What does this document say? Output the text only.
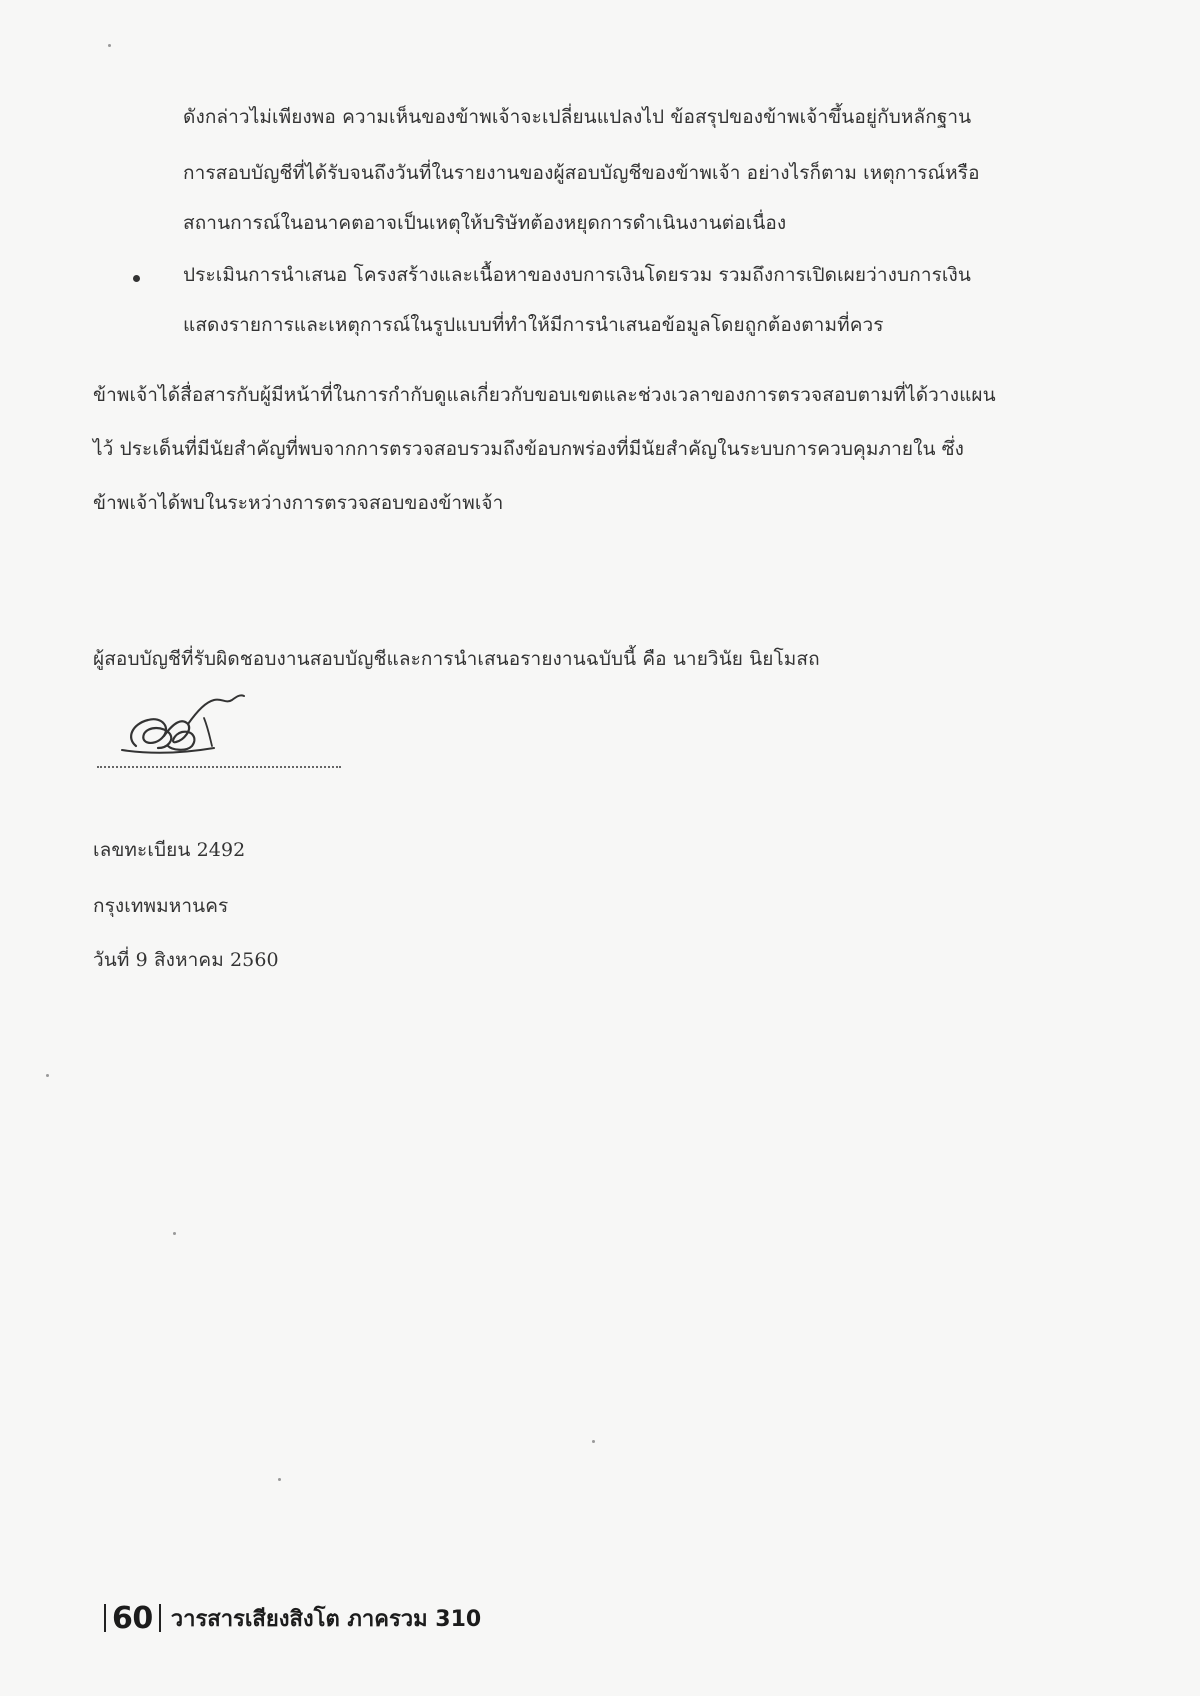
ดังกล่าวไม่เพียงพอ ความเห็นของข้าพเจ้าจะเปลี่ยนแปลงไป ข้อสรุปของข้าพเจ้าขึ้นอยู่กับหลักฐาน
การสอบบัญชีที่ได้รับจนถึงวันที่ในรายงานของผู้สอบบัญชีของข้าพเจ้า อย่างไรก็ตาม เหตุการณ์หรือ
สถานการณ์ในอนาคตอาจเป็นเหตุให้บริษัทต้องหยุดการดำเนินงานต่อเนื่อง
ประเมินการนำเสนอ โครงสร้างและเนื้อหาของงบการเงินโดยรวม รวมถึงการเปิดเผยว่างบการเงิน
แสดงรายการและเหตุการณ์ในรูปแบบที่ทำให้มีการนำเสนอข้อมูลโดยถูกต้องตามที่ควร
ข้าพเจ้าได้สื่อสารกับผู้มีหน้าที่ในการกำกับดูแลเกี่ยวกับขอบเขตและช่วงเวลาของการตรวจสอบตามที่ได้วางแผน
ไว้ ประเด็นที่มีนัยสำคัญที่พบจากการตรวจสอบรวมถึงข้อบกพร่องที่มีนัยสำคัญในระบบการควบคุมภายใน ซึ่ง
ข้าพเจ้าได้พบในระหว่างการตรวจสอบของข้าพเจ้า
ผู้สอบบัญชีที่รับผิดชอบงานสอบบัญชีและการนำเสนอรายงานฉบับนี้ คือ นายวินัย นิยโมสถ
เลขทะเบียน 2492
กรุงเทพมหานคร
วันที่ 9 สิงหาคม 2560
60 วารสารเสียงสิงโต ภาครวม 310
